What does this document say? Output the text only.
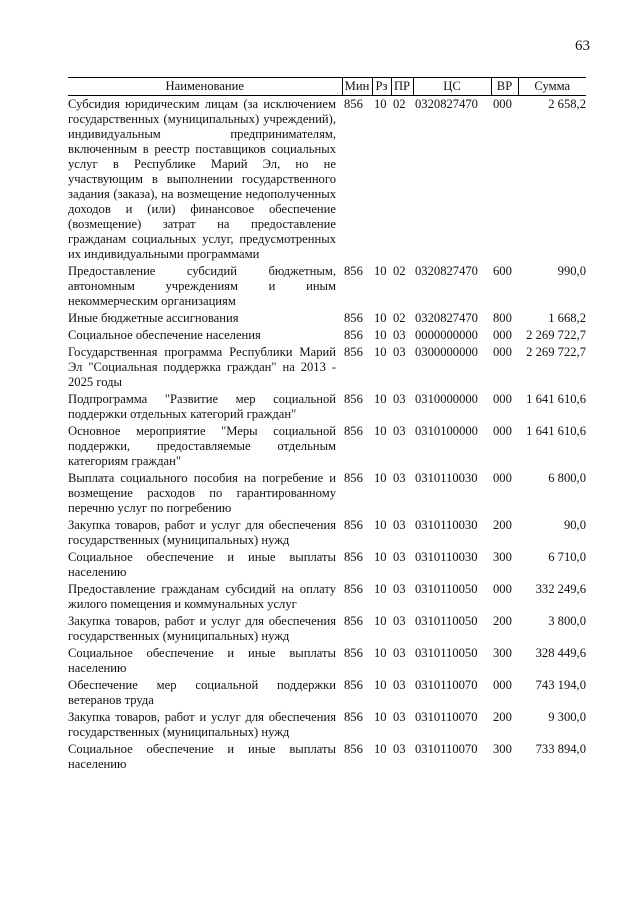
63
Наименование	Мин	Рз	ПР	ЦС	ВР	Сумма
Субсидия юридическим лицам (за исключением государственных (муниципальных) учреждений), индивидуальным предпринимателям, включенным в реестр поставщиков социальных услуг в Республике Марий Эл, но не участвующим в выполнении государственного задания (заказа), на возмещение недополученных доходов и (или) финансовое обеспечение (возмещение) затрат на предоставление гражданам социальных услуг, предусмотренных их индивидуальными программами	856	10	02	0320827470	000	2 658,2
Предоставление субсидий бюджетным, автономным учреждениям и иным некоммерческим организациям	856	10	02	0320827470	600	990,0
Иные бюджетные ассигнования	856	10	02	0320827470	800	1 668,2
Социальное обеспечение населения	856	10	03	0000000000	000	2 269 722,7
Государственная программа Республики Марий Эл "Социальная поддержка граждан" на 2013 - 2025 годы	856	10	03	0300000000	000	2 269 722,7
Подпрограмма "Развитие мер социальной поддержки отдельных категорий граждан"	856	10	03	0310000000	000	1 641 610,6
Основное мероприятие "Меры социальной поддержки, предоставляемые отдельным категориям граждан"	856	10	03	0310100000	000	1 641 610,6
Выплата социального пособия на погребение и возмещение расходов по гарантированному перечню услуг по погребению	856	10	03	0310110030	000	6 800,0
Закупка товаров, работ и услуг для обеспечения государственных (муниципальных) нужд	856	10	03	0310110030	200	90,0
Социальное обеспечение и иные выплаты населению	856	10	03	0310110030	300	6 710,0
Предоставление гражданам субсидий на оплату жилого помещения и коммунальных услуг	856	10	03	0310110050	000	332 249,6
Закупка товаров, работ и услуг для обеспечения государственных (муниципальных) нужд	856	10	03	0310110050	200	3 800,0
Социальное обеспечение и иные выплаты населению	856	10	03	0310110050	300	328 449,6
Обеспечение мер социальной поддержки ветеранов труда	856	10	03	0310110070	000	743 194,0
Закупка товаров, работ и услуг для обеспечения государственных (муниципальных) нужд	856	10	03	0310110070	200	9 300,0
Социальное обеспечение и иные выплаты населению	856	10	03	0310110070	300	733 894,0
